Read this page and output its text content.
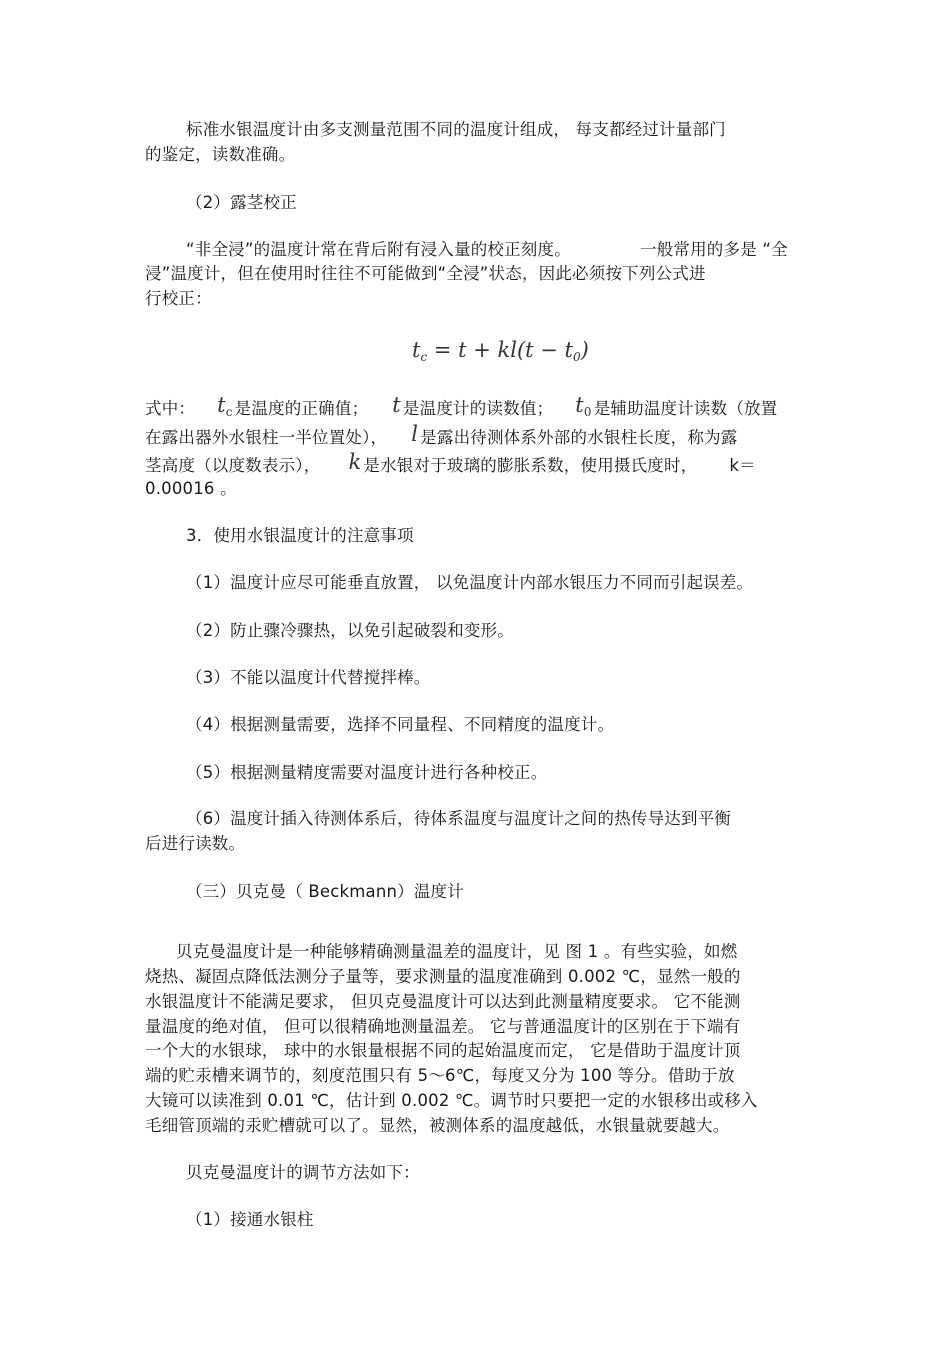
标准水银温度计由多支测量范围不同的温度计组成， 每支都经过计量部门
的鉴定，读数准确。
（2）露茎校正
“非全浸”的温度计常在背后附有浸入量的校正刻度。	一般常用的多是 “全
浸”温度计，但在使用时往往不可能做到“全浸”状态，因此必须按下列公式进
行校正：
$t_c = t + kl(t - t_0)$
式中： $t_c$ 是温度的正确值； t 是温度计的读数值； $t_0$ 是辅助温度计读数（放置
在露出器外水银柱一半位置处）， l 是露出待测体系外部的水银柱长度，称为露
茎高度（以度数表示）， k 是水银对于玻璃的膨胀系数，使用摄氏度时， k＝
0.00016 。
3．使用水银温度计的注意事项
（1）温度计应尽可能垂直放置， 以免温度计内部水银压力不同而引起误差。
（2）防止骤冷骤热，以免引起破裂和变形。
（3）不能以温度计代替搅拌棒。
（4）根据测量需要，选择不同量程、不同精度的温度计。
（5）根据测量精度需要对温度计进行各种校正。
（6）温度计插入待测体系后，待体系温度与温度计之间的热传导达到平衡
后进行读数。
（三）贝克曼（ Beckmann）温度计
贝克曼温度计是一种能够精确测量温差的温度计，见 图 1 。有些实验，如燃
烧热、凝固点降低法测分子量等，要求测量的温度准确到 0.002 ℃，显然一般的
水银温度计不能满足要求， 但贝克曼温度计可以达到此测量精度要求。 它不能测
量温度的绝对值， 但可以很精确地测量温差。 它与普通温度计的区别在于下端有
一个大的水银球， 球中的水银量根据不同的起始温度而定， 它是借助于温度计顶
端的贮汞槽来调节的，刻度范围只有 5～6℃，每度又分为 100 等分。借助于放
大镜可以读准到 0.01 ℃，估计到 0.002 ℃。调节时只要把一定的水银移出或移入
毛细管顶端的汞贮槽就可以了。显然，被测体系的温度越低，水银量就要越大。
贝克曼温度计的调节方法如下：
（1）接通水银柱
